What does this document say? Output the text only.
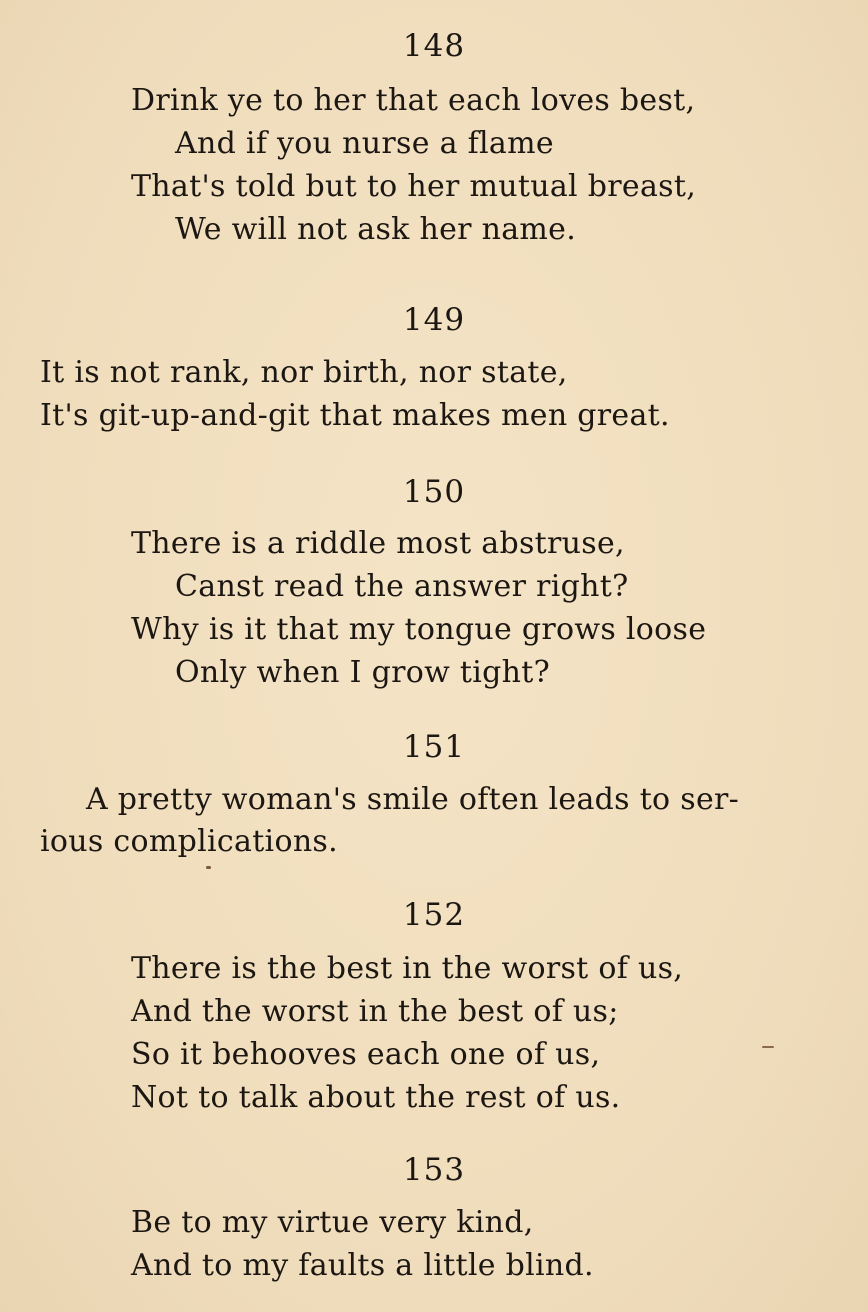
148
Drink ye to her that each loves best,
And if you nurse a flame
That's told but to her mutual breast,
We will not ask her name.
149
It is not rank, nor birth, nor state,
It's git-up-and-git that makes men great.
150
There is a riddle most abstruse,
Canst read the answer right?
Why is it that my tongue grows loose
Only when I grow tight?
151
A pretty woman's smile often leads to ser-
ious complications.
152
There is the best in the worst of us,
And the worst in the best of us;
So it behooves each one of us,
Not to talk about the rest of us.
153
Be to my virtue very kind,
And to my faults a little blind.
